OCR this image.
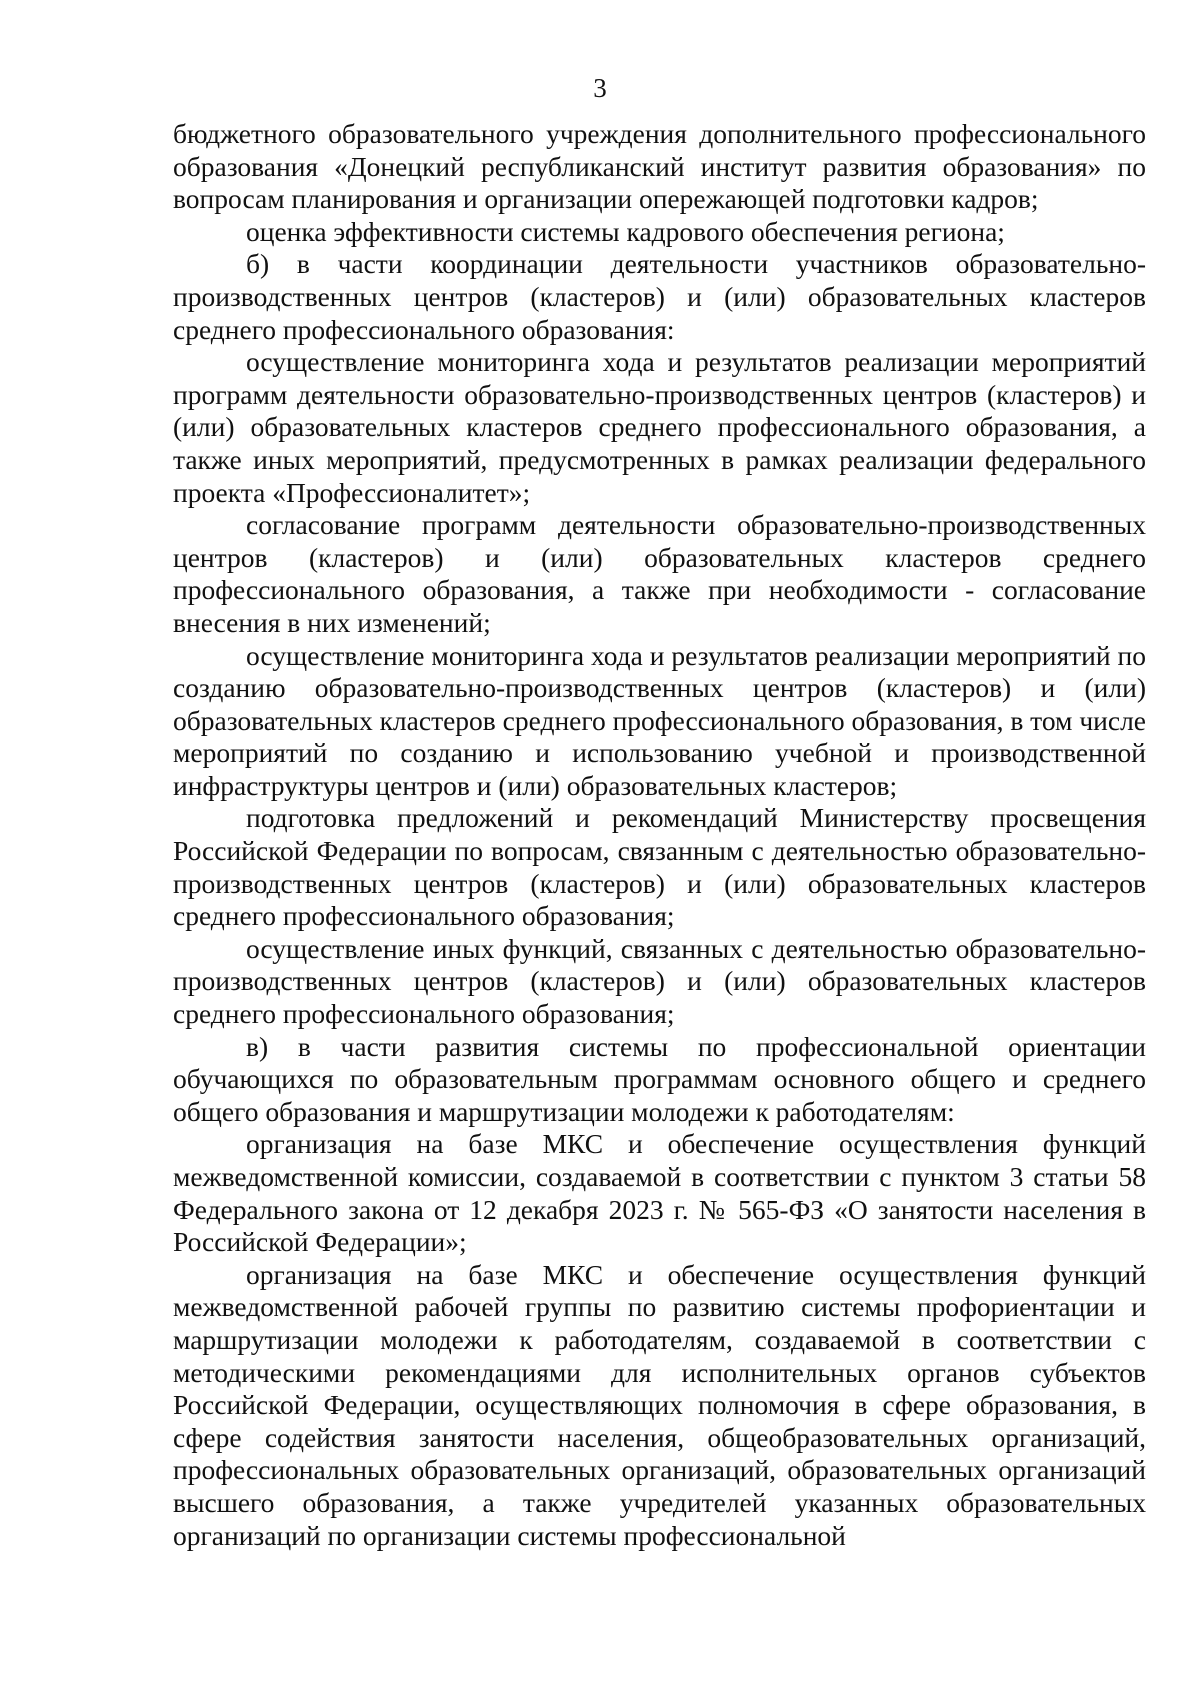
3

бюджетного образовательного учреждения дополнительного профессионального образования «Донецкий республиканский институт развития образования» по вопросам планирования и организации опережающей подготовки кадров;

оценка эффективности системы кадрового обеспечения региона;

б) в части координации деятельности участников образовательно-производственных центров (кластеров) и (или) образовательных кластеров среднего профессионального образования:

осуществление мониторинга хода и результатов реализации мероприятий программ деятельности образовательно-производственных центров (кластеров) и (или) образовательных кластеров среднего профессионального образования, а также иных мероприятий, предусмотренных в рамках реализации федерального проекта «Профессионалитет»;

согласование программ деятельности образовательно-производственных центров (кластеров) и (или) образовательных кластеров среднего профессионального образования, а также при необходимости - согласование внесения в них изменений;

осуществление мониторинга хода и результатов реализации мероприятий по созданию образовательно-производственных центров (кластеров) и (или) образовательных кластеров среднего профессионального образования, в том числе мероприятий по созданию и использованию учебной и производственной инфраструктуры центров и (или) образовательных кластеров;

подготовка предложений и рекомендаций Министерству просвещения Российской Федерации по вопросам, связанным с деятельностью образовательно-производственных центров (кластеров) и (или) образовательных кластеров среднего профессионального образования;

осуществление иных функций, связанных с деятельностью образовательно-производственных центров (кластеров) и (или) образовательных кластеров среднего профессионального образования;

в) в части развития системы по профессиональной ориентации обучающихся по образовательным программам основного общего и среднего общего образования и маршрутизации молодежи к работодателям:

организация на базе МКС и обеспечение осуществления функций межведомственной комиссии, создаваемой в соответствии с пунктом 3 статьи 58 Федерального закона от 12 декабря 2023 г. № 565-ФЗ «О занятости населения в Российской Федерации»;

организация на базе МКС и обеспечение осуществления функций межведомственной рабочей группы по развитию системы профориентации и маршрутизации молодежи к работодателям, создаваемой в соответствии с методическими рекомендациями для исполнительных органов субъектов Российской Федерации, осуществляющих полномочия в сфере образования, в сфере содействия занятости населения, общеобразовательных организаций, профессиональных образовательных организаций, образовательных организаций высшего образования, а также учредителей указанных образовательных организаций по организации системы профессиональной
